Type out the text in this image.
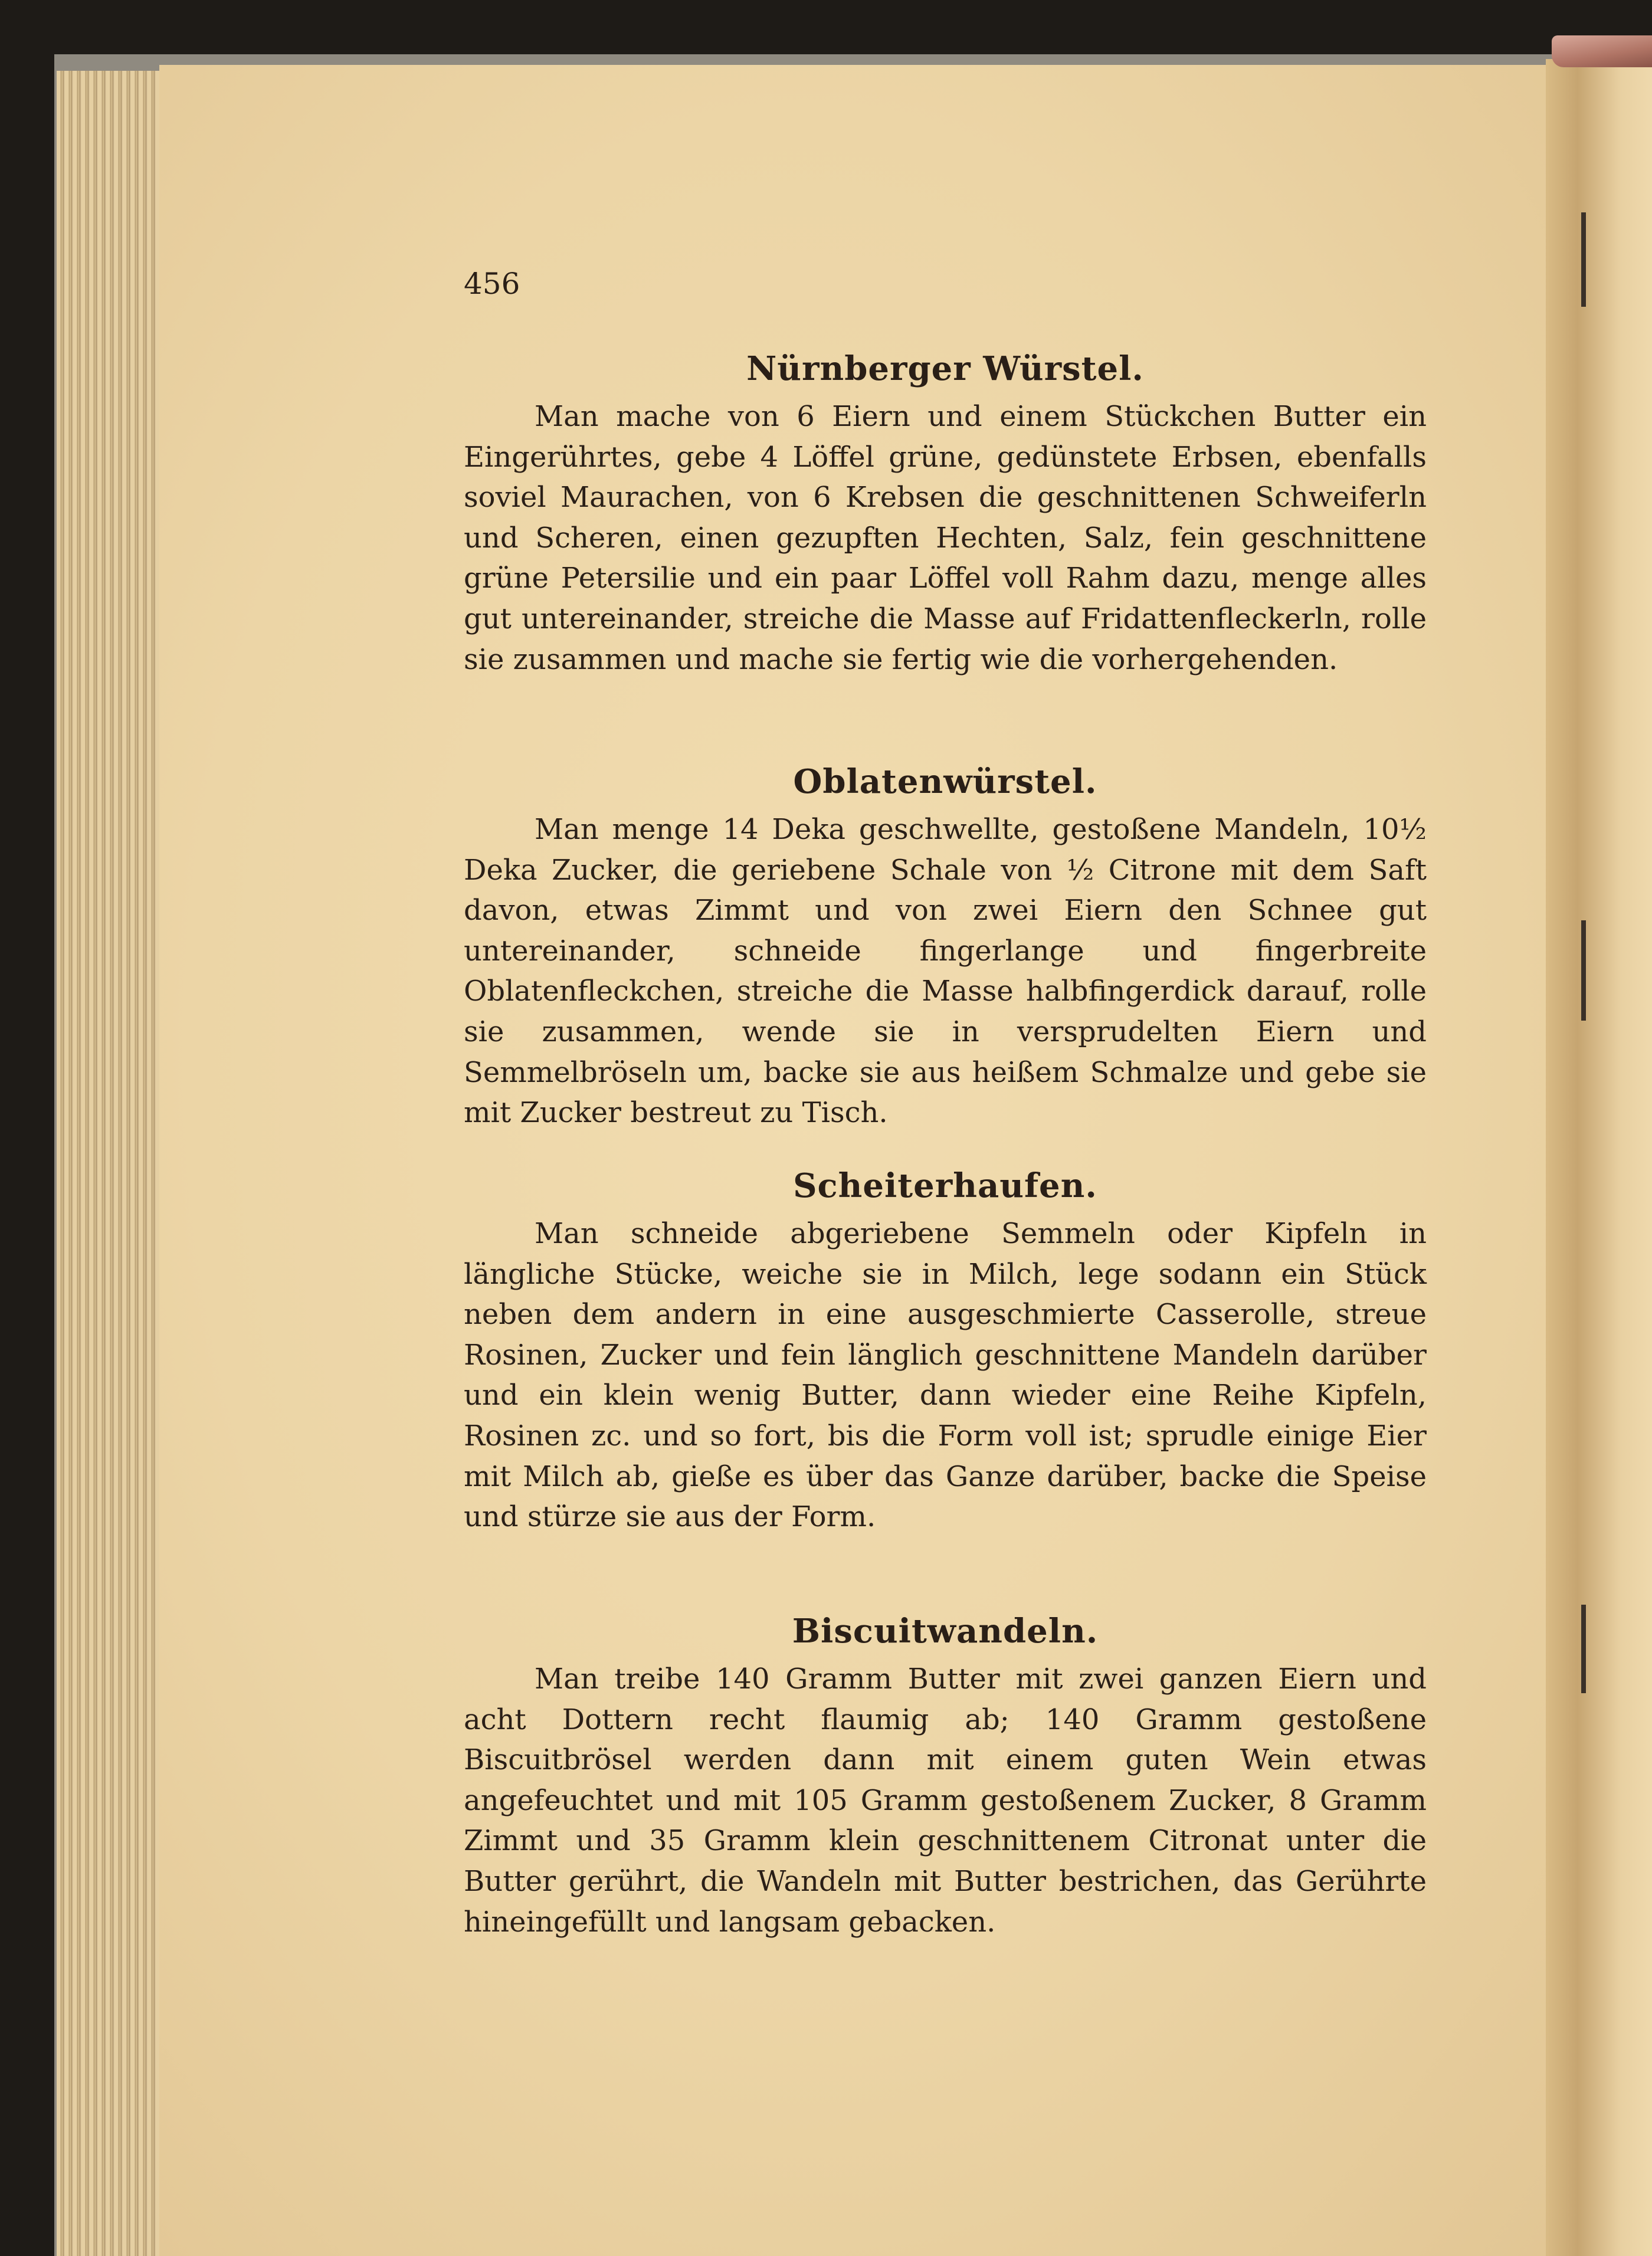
456
Nürnberger Würstel.

Man mache von 6 Eiern und einem Stückchen Butter ein Eingerührtes, gebe 4 Löffel grüne, gedünstete Erbsen, ebenfalls soviel Maurachen, von 6 Krebsen die geschnittenen Schweiferln und Scheren, einen gezupften Hechten, Salz, fein geschnittene grüne Petersilie und ein paar Löffel voll Rahm dazu, menge alles gut untereinander, streiche die Masse auf Fridattenfleckerln, rolle sie zusammen und mache sie fertig wie die vorhergehenden.

Oblatenwürstel.

Man menge 14 Deka geschwellte, gestoßene Mandeln, 10½ Deka Zucker, die geriebene Schale von ½ Citrone mit dem Saft davon, etwas Zimmt und von zwei Eiern den Schnee gut untereinander, schneide fingerlange und fingerbreite Oblatenfleckchen, streiche die Masse halbfingerdick darauf, rolle sie zusammen, wende sie in versprudelten Eiern und Semmelbröseln um, backe sie aus heißem Schmalze und gebe sie mit Zucker bestreut zu Tisch.

Scheiterhaufen.

Man schneide abgeriebene Semmeln oder Kipfeln in längliche Stücke, weiche sie in Milch, lege sodann ein Stück neben dem andern in eine ausgeschmierte Casserolle, streue Rosinen, Zucker und fein länglich geschnittene Mandeln darüber und ein klein wenig Butter, dann wieder eine Reihe Kipfeln, Rosinen zc. und so fort, bis die Form voll ist; sprudle einige Eier mit Milch ab, gieße es über das Ganze darüber, backe die Speise und stürze sie aus der Form.

Biscuitwandeln.

Man treibe 140 Gramm Butter mit zwei ganzen Eiern und acht Dottern recht flaumig ab; 140 Gramm gestoßene Biscuitbrösel werden dann mit einem guten Wein etwas angefeuchtet und mit 105 Gramm gestoßenem Zucker, 8 Gramm Zimmt und 35 Gramm klein geschnittenem Citronat unter die Butter gerührt, die Wandeln mit Butter bestrichen, das Gerührte hineingefüllt und langsam gebacken.
